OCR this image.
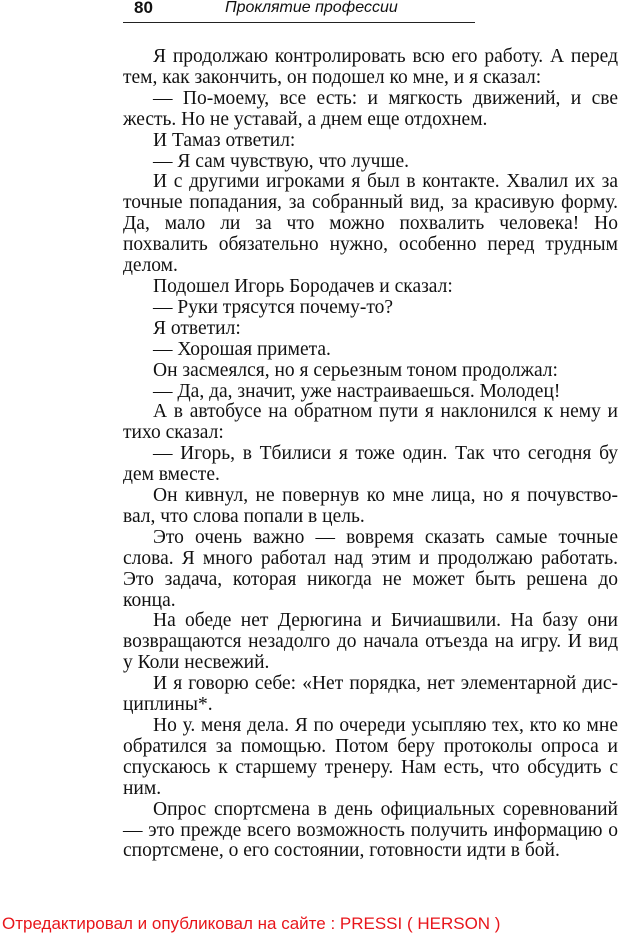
80	Проклятие профессии

Я продолжаю контролировать всю его работу. А перед тем, как закончить, он подошел ко мне, и я сказал:

— По-моему, все есть: и мягкость движений, и све жесть. Но не уставай, а днем еще отдохнем.

И Тамаз ответил:

— Я сам чувствую, что лучше.

И с другими игроками я был в контакте. Хвалил их за точные попадания, за собранный вид, за красивую форму. Да, мало ли за что можно похвалить человека! Но похвалить обязательно нужно, особенно перед трудным делом.

Подошел Игорь Бородачев и сказал:

— Руки трясутся почему-то?

Я ответил:

— Хорошая примета.

Он засмеялся, но я серьезным тоном продолжал:

— Да, да, значит, уже настраиваешься. Молодец!

А в автобусе на обратном пути я наклонился к нему и тихо сказал:

— Игорь, в Тбилиси я тоже один. Так что сегодня бу дем вместе.

Он кивнул, не повернув ко мне лица, но я почувствовал, что слова попали в цель.

Это очень важно — вовремя сказать самые точные слова. Я много работал над этим и продолжаю работать. Это задача, которая никогда не может быть решена до конца.

На обеде нет Дерюгина и Бичиашвили. На базу они возвращаются незадолго до начала отъезда на игру. И вид у Коли несвежий.

И я говорю себе: «Нет порядка, нет элементарной дисциплины*.

Но у. меня дела. Я по очереди усыпляю тех, кто ко мне обратился за помощью. Потом беру протоколы опроса и спускаюсь к старшему тренеру. Нам есть, что обсудить с ним.

Опрос спортсмена в день официальных соревнований — это прежде всего возможность получить информацию о спортсмене, о его состоянии, готовности идти в бой.

Отредактировал и опубликовал на сайте : PRESSI ( HERSON )
